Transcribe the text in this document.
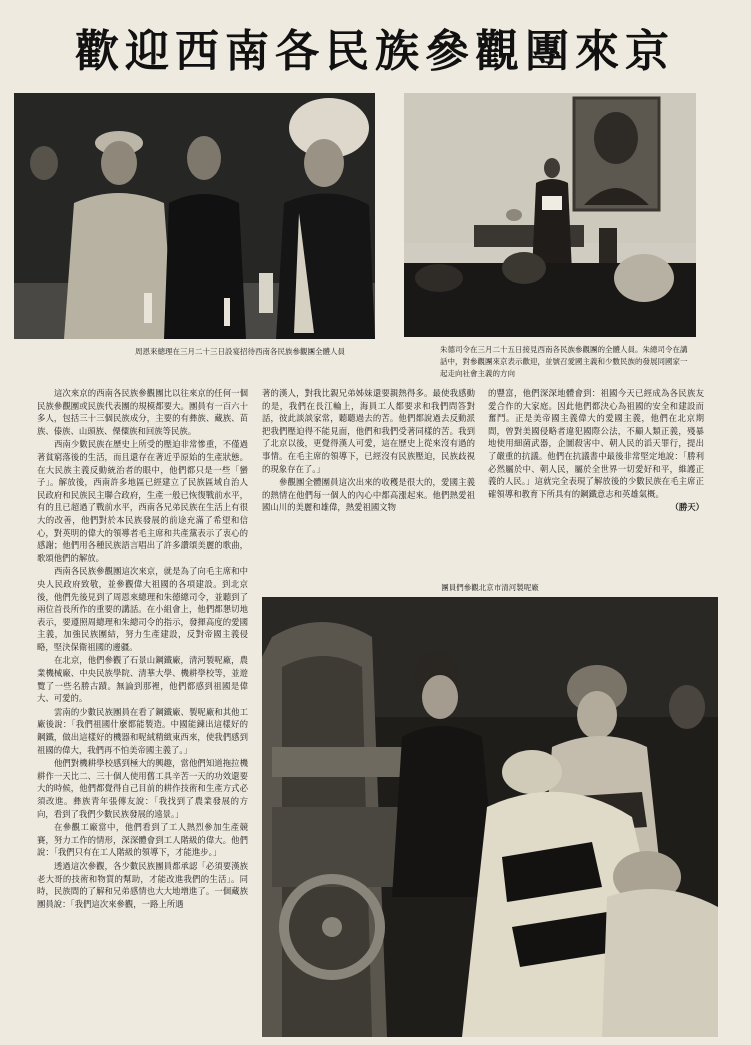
歡迎西南各民族參觀團來京
周恩來總理在三月二十三日設宴招待西南各民族參觀團全體人員	朱德司令在三月二十五日接見西南各民族參觀團的全體人員。朱總司令在講話中，對參觀團來京表示歡迎，並號召愛國主義和少數民族的發展同國家一起走向社會主義的方向

這次來京的西南各民族參觀團比以往來京的任何一個民族參觀團或民族代表團的規模都要大。團員有一百六十多人，包括三十三個民族成分，主要的有彝族、藏族、苗族、傣族、山頭族、傈僳族和回族等民族。

西南少數民族在歷史上所受的壓迫非常慘重，不僅過著貧窮落後的生活，而且還存在著近乎原始的生產狀態。在大民族主義反動統治者的眼中，他們都只是一些「蠻子」。解放後，西南許多地區已經建立了民族區域自治人民政府和民族民主聯合政府，生產一般已恢復戰前水平，有的且已超過了戰前水平，西南各兄弟民族在生活上有很大的改善，他們對於本民族發展的前途充滿了希望和信心，對英明的偉大的領導者毛主席和共產黨表示了衷心的感謝；他們用各種民族語言唱出了許多讚頌美麗的歌曲，歌頌他們的解放。

西南各民族參觀團這次來京，就是為了向毛主席和中央人民政府致敬，並參觀偉大祖國的各項建設。到北京後，他們先後見到了周恩來總理和朱德總司令，並聽到了兩位首長所作的重要的講話。在小組會上，他們都懇切地表示，要遵照周總理和朱總司令的指示，發揮高度的愛國主義，加強民族團結，努力生產建設，反對帝國主義侵略，堅決保衛祖國的邊疆。

在北京，他們參觀了石景山鋼鐵廠，清河製呢廠，農業機械廠、中央民族學院、清華大學、機耕學校等，並遊覽了一些名勝古蹟。無論到那裡，他們都感到祖國是偉大、可愛的。

雲南的少數民族團員在看了鋼鐵廠、製呢廠和其他工廠後說：「我們祖國什麼都能製造。中國能鍊出這樣好的鋼鐵，做出這樣好的機器和呢絨精緻東西來，使我們感到祖國的偉大，我們再不怕美帝國主義了。」

他們對機耕學校感到極大的興趣，當他們知道拖拉機耕作一天比二、三十個人使用舊工具辛苦一天的功效還要大的時候，他們都覺得自己目前的耕作技術和生產方式必須改進。彝族青年張傳友說：「我找到了農業發展的方向，看到了我們少數民族發展的遠景。」

在參觀工廠當中，他們看到了工人熱烈參加生產競賽，努力工作的情形，深深體會到工人階級的偉大。他們說：「我們只有在工人階級的領導下，才能進步。」

透過這次參觀，各少數民族團員都承認「必須要漢族老大哥的技術和物質的幫助，才能改進我們的生活」。同時，民族間的了解和兄弟感情也大大地增進了。一個藏族團員說：「我們這次來參觀，一路上所遇

著的漢人，對我比親兄弟姊妹還要親熱得多。最使我感動的是，我們在長江輪上，海員工人都要求和我們問答對話，彼此談談家常，聽聽過去的苦。他們都說過去反動派把我們壓迫得不能見面，他們和我們受著同樣的苦。我到了北京以後，更覺得漢人可愛，這在歷史上從來沒有過的事情。在毛主席的領導下，已經沒有民族壓迫，民族歧視的現象存在了。」

參觀團全體團員這次出來的收穫是很大的，愛國主義的熱情在他們每一個人的內心中都高漲起來。他們熱愛祖國山川的美麗和雄偉，熱愛祖國文物

的豐富，他們深深地體會到：祖國今天已經成為各民族友愛合作的大家庭。因此他們都決心為祖國的安全和建設而奮鬥。正是美帝國主義偉大的愛國主義，他們在北京期間，曾對美國侵略者違犯國際公法，不顧人類正義，殘暴地使用細菌武器，企圖殺害中、朝人民的滔天罪行，提出了嚴重的抗議。他們在抗議書中最後非常堅定地說：「勝利必然屬於中、朝人民，屬於全世界一切愛好和平，維護正義的人民。」這就完全表現了解放後的少數民族在毛主席正確領導和教育下所具有的鋼鐵意志和英雄氣概。

（勝天）

團員們參觀北京市清河製呢廠
